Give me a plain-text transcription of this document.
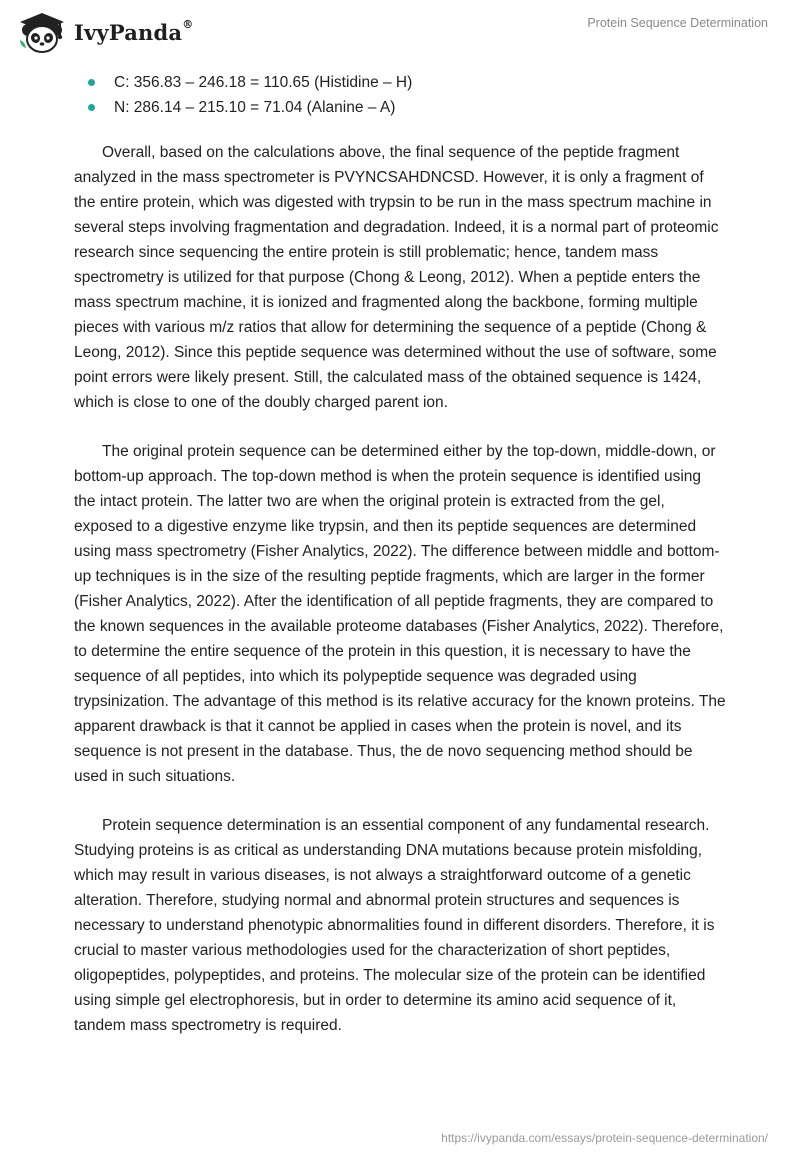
IvyPanda®	Protein Sequence Determination
C: 356.83 – 246.18 = 110.65 (Histidine – H)
N: 286.14 – 215.10 = 71.04 (Alanine – A)

Overall, based on the calculations above, the final sequence of the peptide fragment analyzed in the mass spectrometer is PVYNCSAHDNCSD. However, it is only a fragment of the entire protein, which was digested with trypsin to be run in the mass spectrum machine in several steps involving fragmentation and degradation. Indeed, it is a normal part of proteomic research since sequencing the entire protein is still problematic; hence, tandem mass spectrometry is utilized for that purpose (Chong & Leong, 2012). When a peptide enters the mass spectrum machine, it is ionized and fragmented along the backbone, forming multiple pieces with various m/z ratios that allow for determining the sequence of a peptide (Chong & Leong, 2012). Since this peptide sequence was determined without the use of software, some point errors were likely present. Still, the calculated mass of the obtained sequence is 1424, which is close to one of the doubly charged parent ion.

The original protein sequence can be determined either by the top-down, middle-down, or bottom-up approach. The top-down method is when the protein sequence is identified using the intact protein. The latter two are when the original protein is extracted from the gel, exposed to a digestive enzyme like trypsin, and then its peptide sequences are determined using mass spectrometry (Fisher Analytics, 2022). The difference between middle and bottom-up techniques is in the size of the resulting peptide fragments, which are larger in the former (Fisher Analytics, 2022). After the identification of all peptide fragments, they are compared to the known sequences in the available proteome databases (Fisher Analytics, 2022). Therefore, to determine the entire sequence of the protein in this question, it is necessary to have the sequence of all peptides, into which its polypeptide sequence was degraded using trypsinization. The advantage of this method is its relative accuracy for the known proteins. The apparent drawback is that it cannot be applied in cases when the protein is novel, and its sequence is not present in the database. Thus, the de novo sequencing method should be used in such situations.

Protein sequence determination is an essential component of any fundamental research. Studying proteins is as critical as understanding DNA mutations because protein misfolding, which may result in various diseases, is not always a straightforward outcome of a genetic alteration. Therefore, studying normal and abnormal protein structures and sequences is necessary to understand phenotypic abnormalities found in different disorders. Therefore, it is crucial to master various methodologies used for the characterization of short peptides, oligopeptides, polypeptides, and proteins. The molecular size of the protein can be identified using simple gel electrophoresis, but in order to determine its amino acid sequence of it, tandem mass spectrometry is required.

https://ivypanda.com/essays/protein-sequence-determination/
